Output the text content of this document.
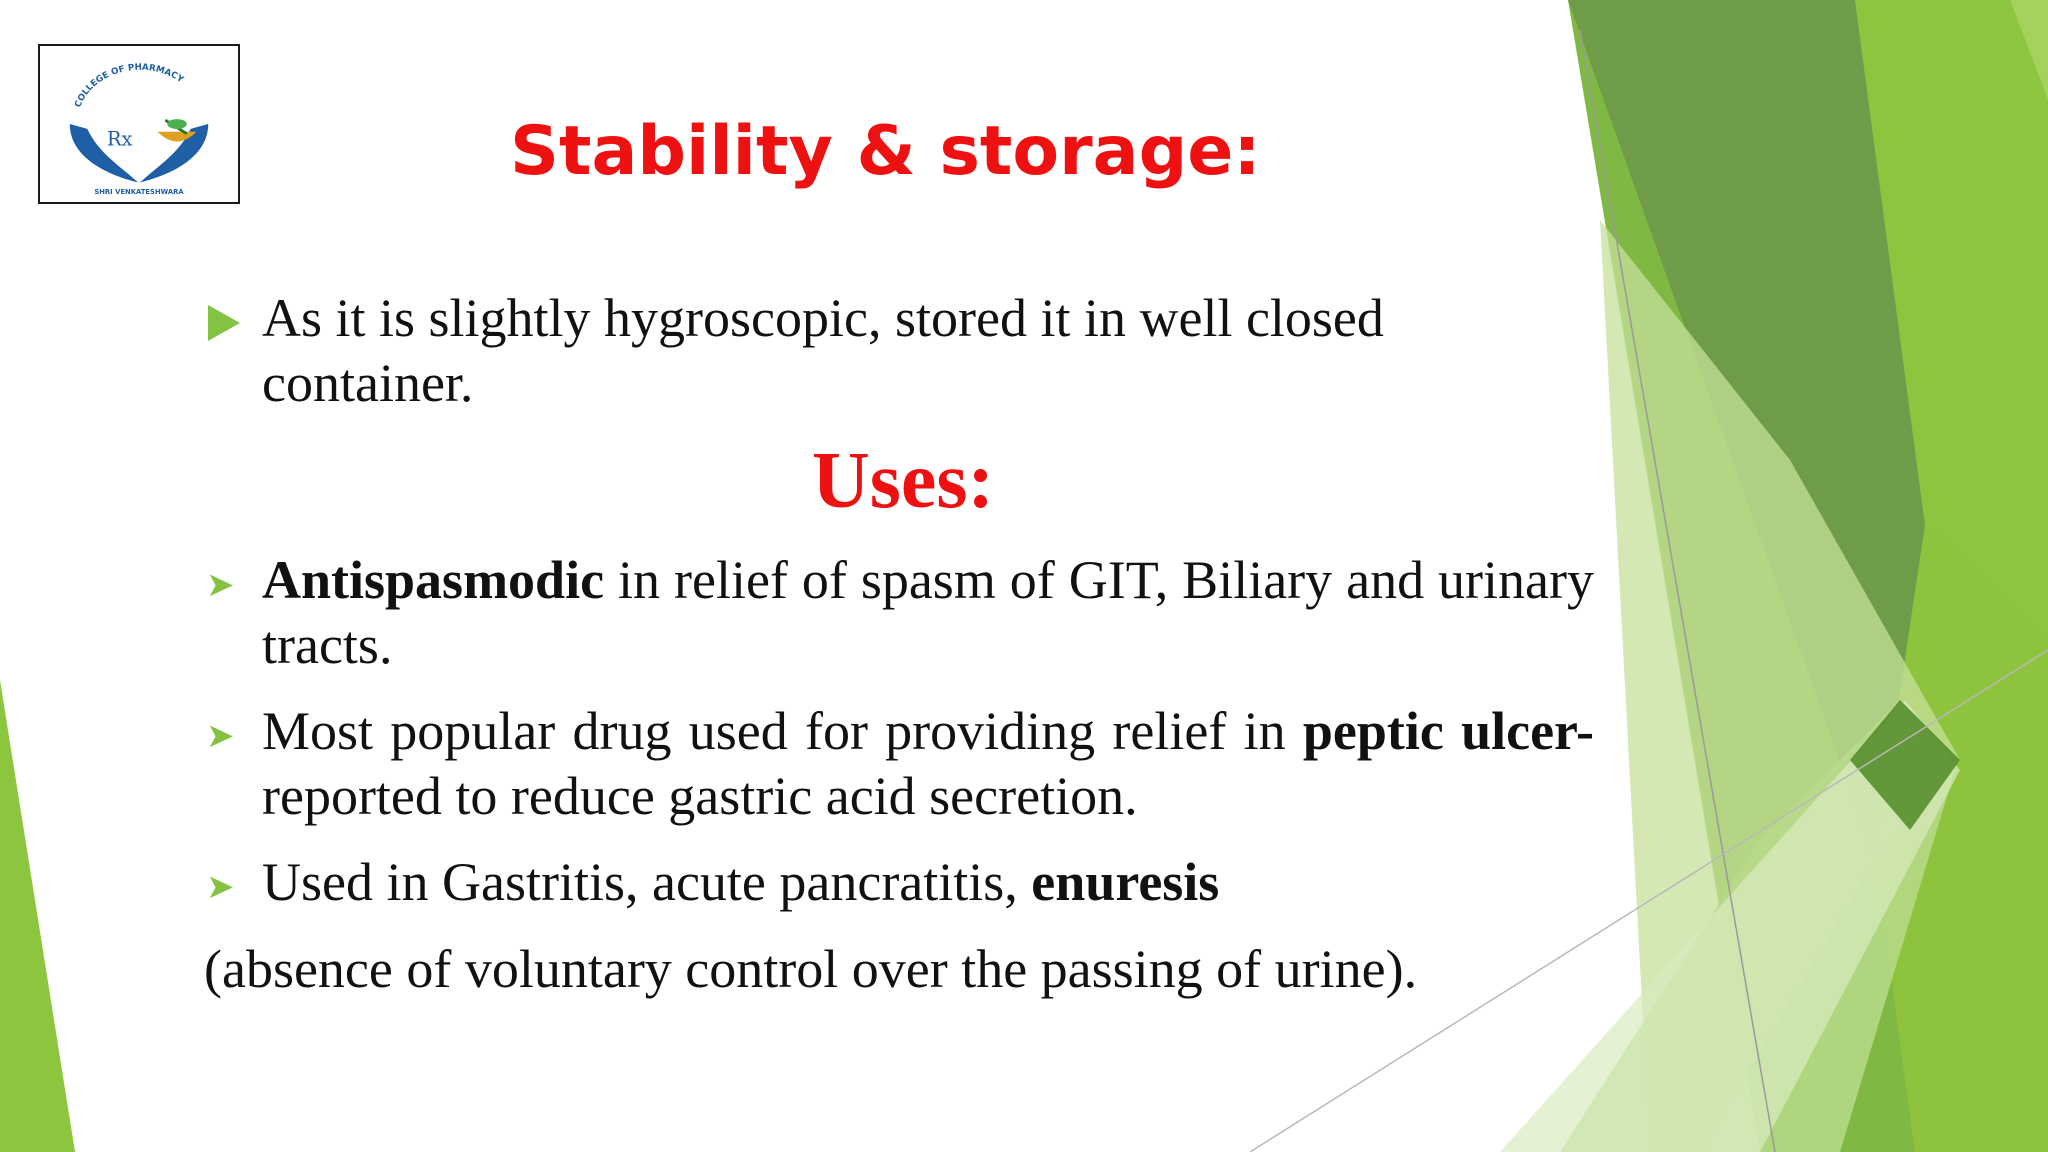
COLLEGE OF PHARMACY
Rx
SHRI VENKATESHWARA
Stability & storage:
As it is slightly hygroscopic, stored it in well closed container.
Uses:
➤ Antispasmodic in relief of spasm of GIT, Biliary and urinary tracts.
➤ Most popular drug used for providing relief in peptic ulcer- reported to reduce gastric acid secretion.
➤ Used in Gastritis, acute pancratitis, enuresis
(absence of voluntary control over the passing of urine).
